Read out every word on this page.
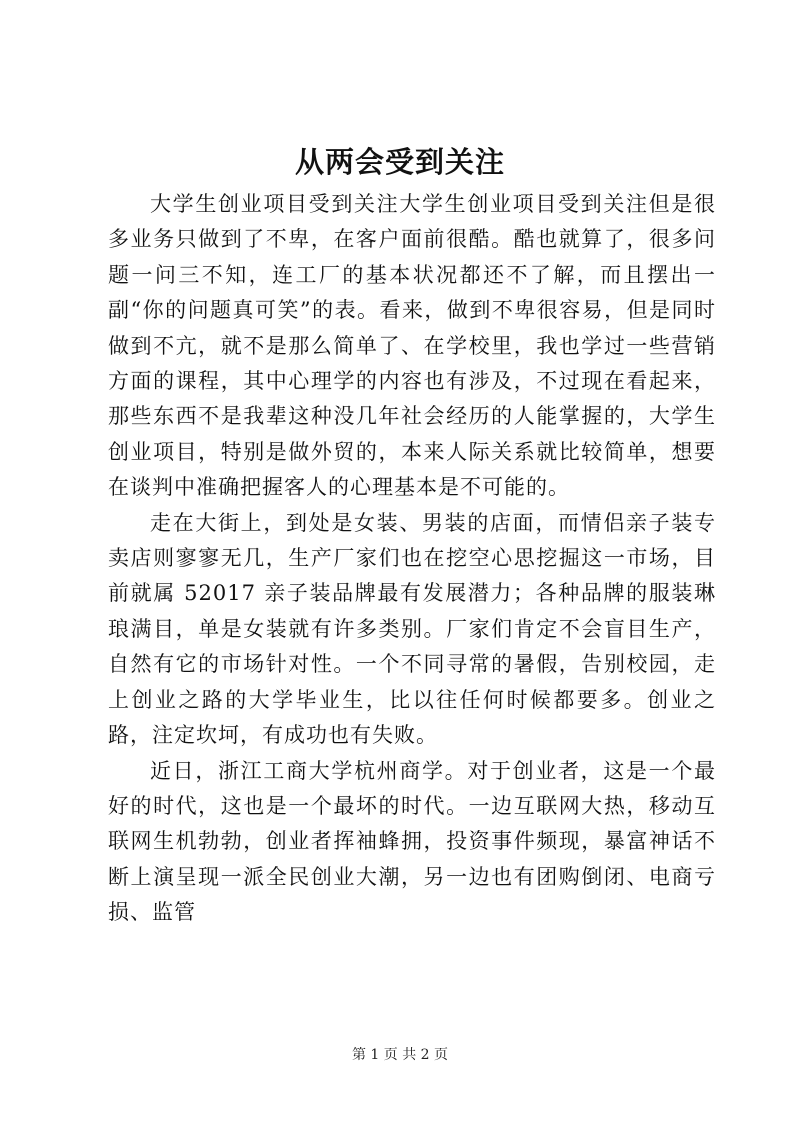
从两会受到关注

大学生创业项目受到关注大学生创业项目受到关注但是很多业务只做到了不卑，在客户面前很酷。酷也就算了，很多问题一问三不知，连工厂的基本状况都还不了解，而且摆出一副“你的问题真可笑”的表。看来，做到不卑很容易，但是同时做到不亢，就不是那么简单了、在学校里，我也学过一些营销方面的课程，其中心理学的内容也有涉及，不过现在看起来，那些东西不是我辈这种没几年社会经历的人能掌握的，大学生创业项目，特别是做外贸的，本来人际关系就比较简单，想要在谈判中准确把握客人的心理基本是不可能的。

走在大街上，到处是女装、男装的店面，而情侣亲子装专卖店则寥寥无几，生产厂家们也在挖空心思挖掘这一市场，目前就属 52017 亲子装品牌最有发展潜力；各种品牌的服装琳琅满目，单是女装就有许多类别。厂家们肯定不会盲目生产，自然有它的市场针对性。一个不同寻常的暑假，告别校园，走上创业之路的大学毕业生，比以往任何时候都要多。创业之路，注定坎坷，有成功也有失败。

近日，浙江工商大学杭州商学。对于创业者，这是一个最好的时代，这也是一个最坏的时代。一边互联网大热，移动互联网生机勃勃，创业者挥袖蜂拥，投资事件频现，暴富神话不断上演呈现一派全民创业大潮，另一边也有团购倒闭、电商亏损、监管

第 1 页 共 2 页
